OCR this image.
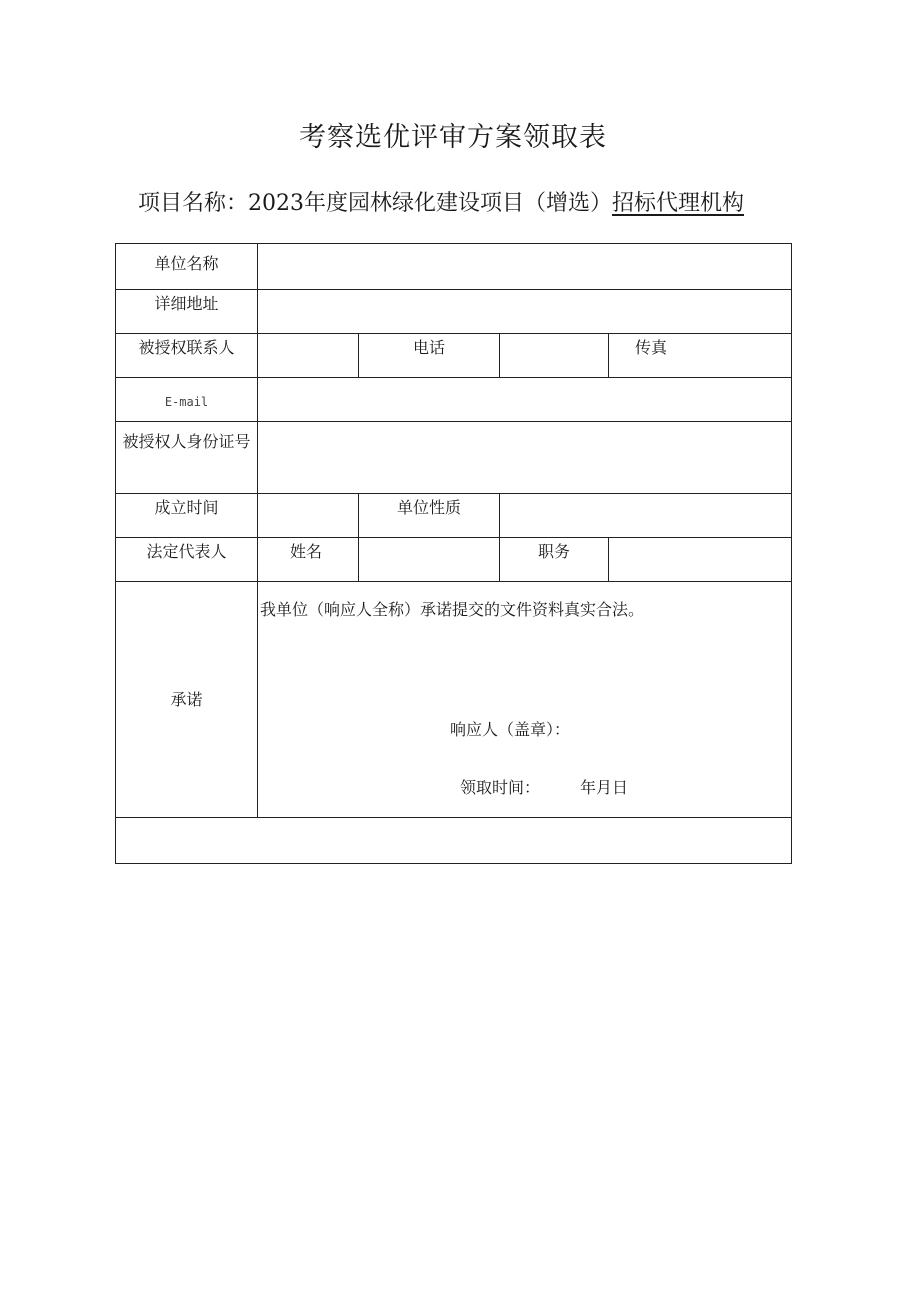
考察选优评审方案领取表
项目名称：2023年度园林绿化建设项目（增选）招标代理机构
单位名称				
详细地址				
被授权联系人		电话		传真
E-mail				
被授权人身份证号				
成立时间		单位性质		
法定代表人	姓名		职务	
承诺	我单位（响应人全称）承诺提交的文件资料真实合法。
响应人（盖章）：
领取时间： 年月日			
